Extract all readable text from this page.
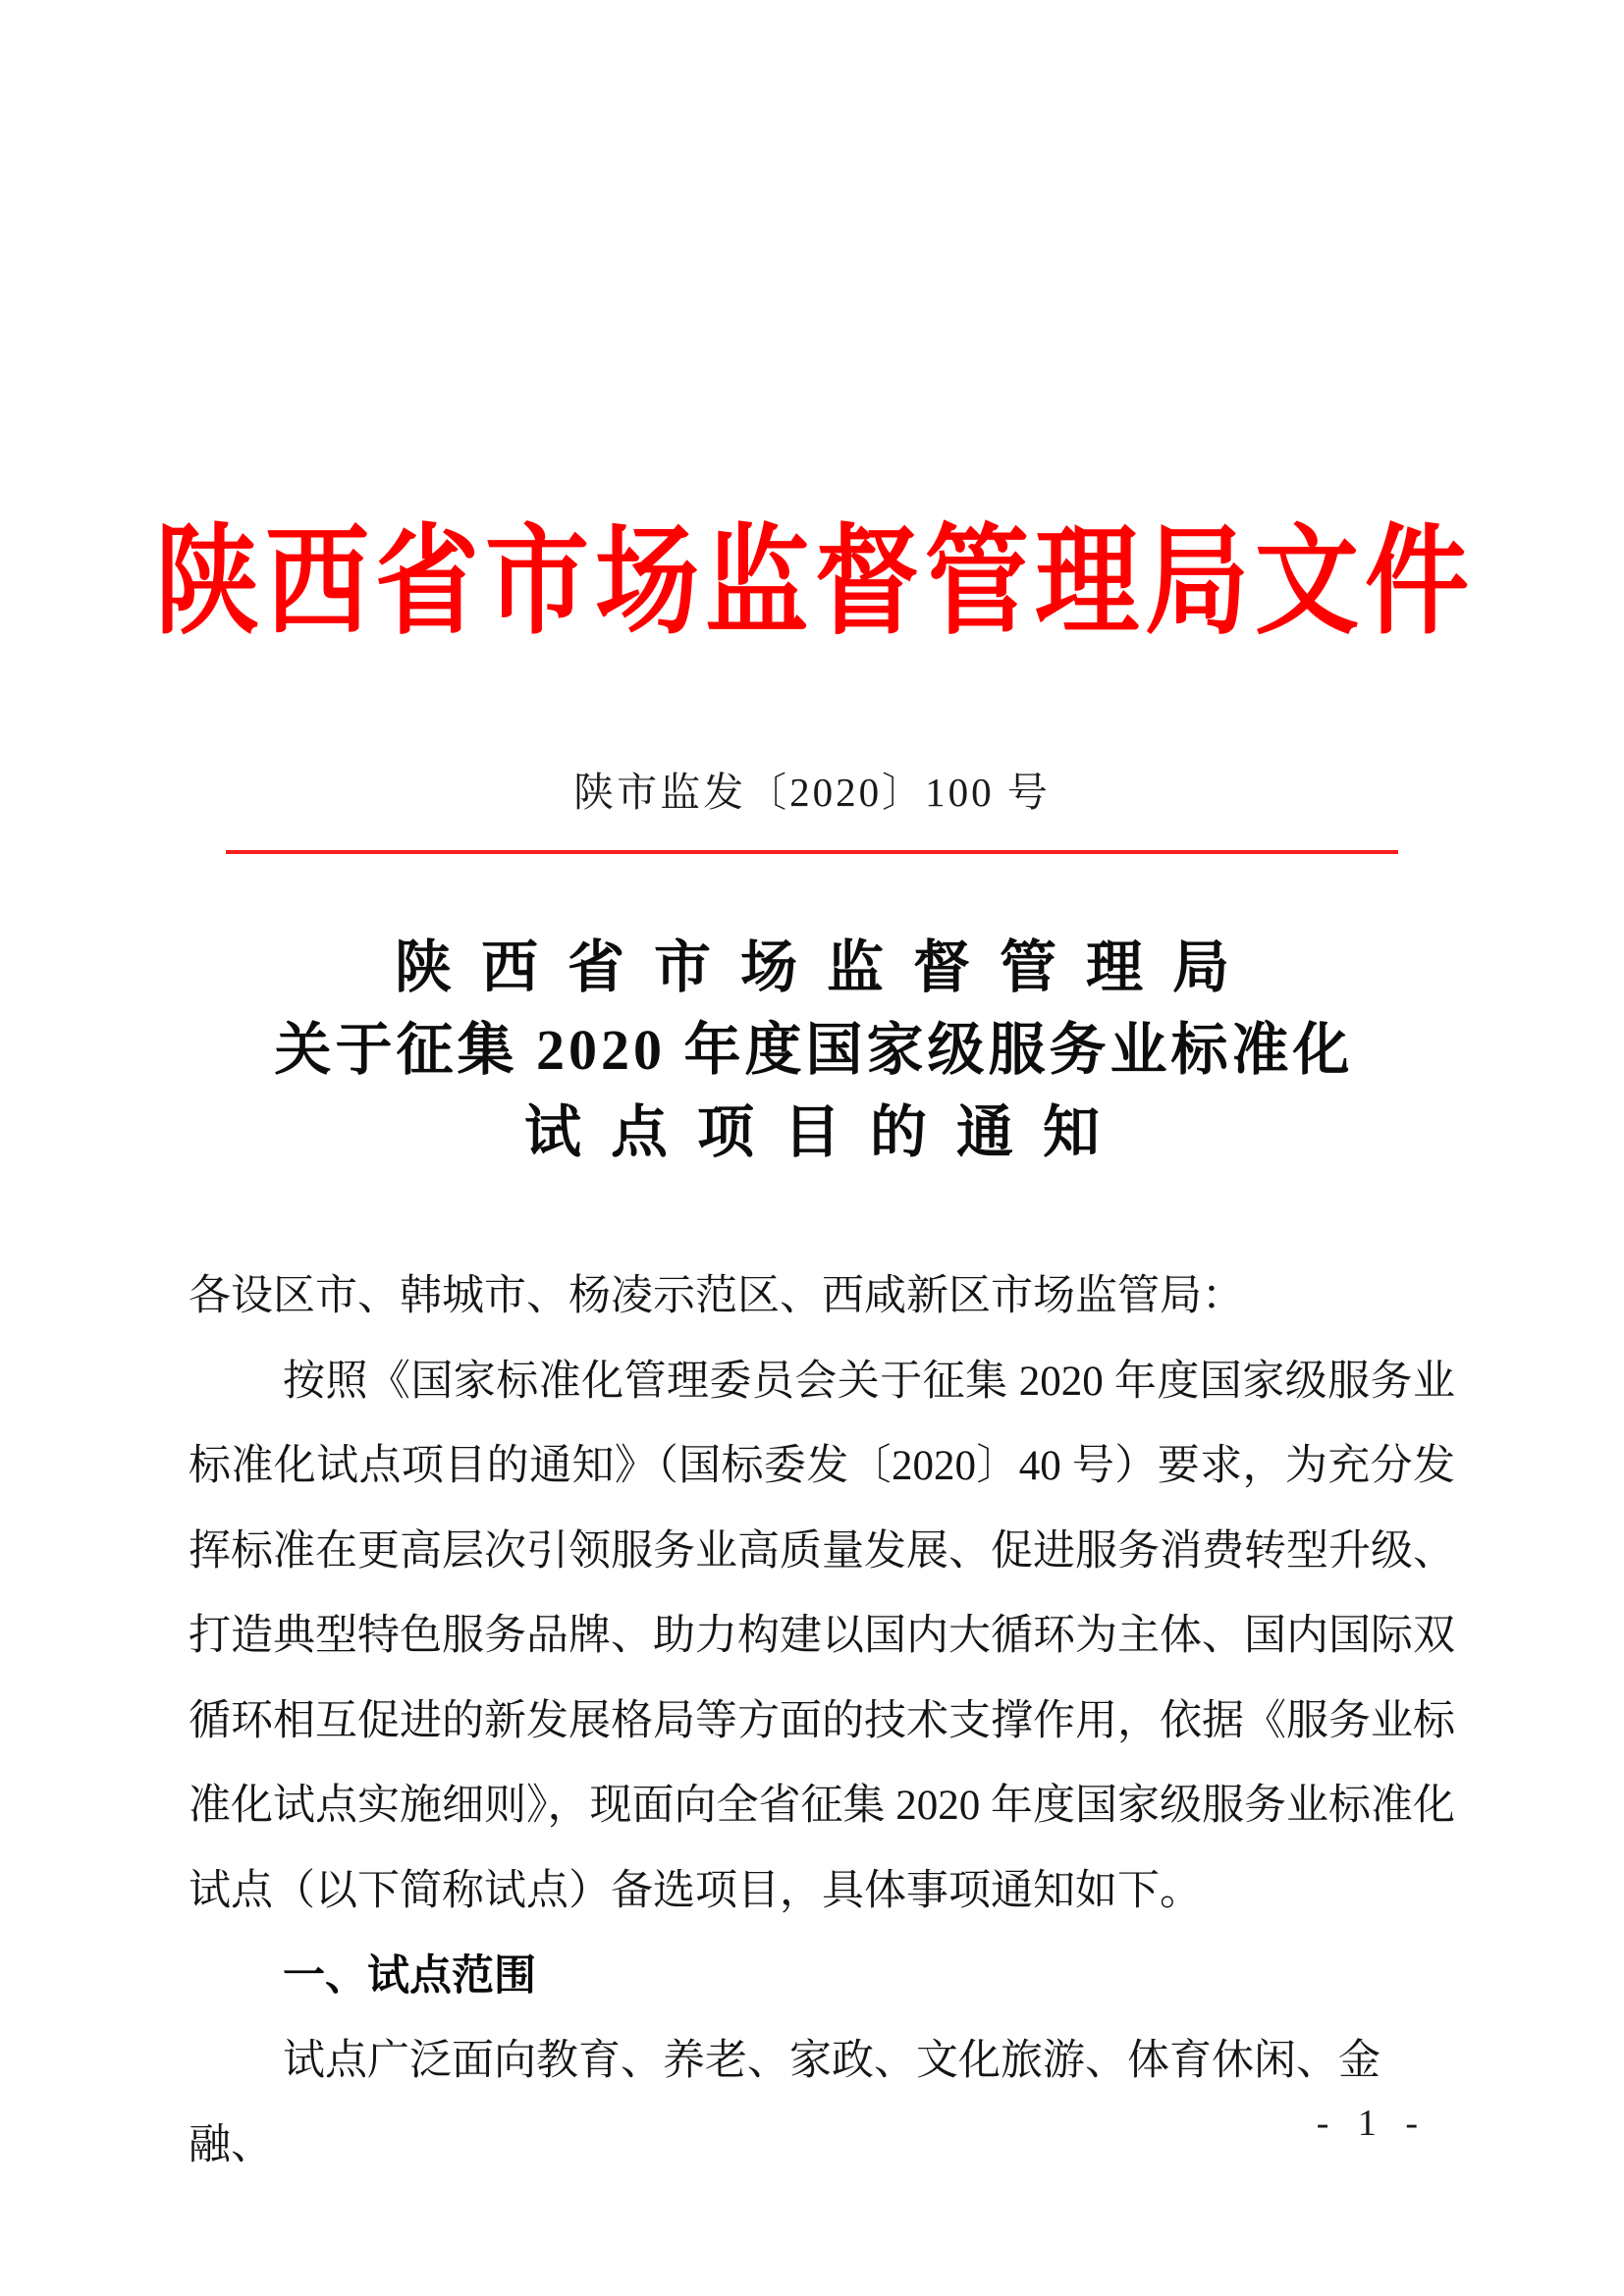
陕西省市场监督管理局文件
陕市监发〔2020〕100 号
陕西省市场监督管理局
关于征集 2020 年度国家级服务业标准化
试点项目的通知
各设区市、韩城市、杨凌示范区、西咸新区市场监管局：
按照《国家标准化管理委员会关于征集 2020 年度国家级服务业标准化试点项目的通知》（国标委发〔2020〕40 号）要求，为充分发挥标准在更高层次引领服务业高质量发展、促进服务消费转型升级、打造典型特色服务品牌、助力构建以国内大循环为主体、国内国际双循环相互促进的新发展格局等方面的技术支撑作用，依据《服务业标准化试点实施细则》，现面向全省征集 2020 年度国家级服务业标准化试点（以下简称试点）备选项目，具体事项通知如下。
一、试点范围
试点广泛面向教育、养老、家政、文化旅游、体育休闲、金融、	- 1 -
